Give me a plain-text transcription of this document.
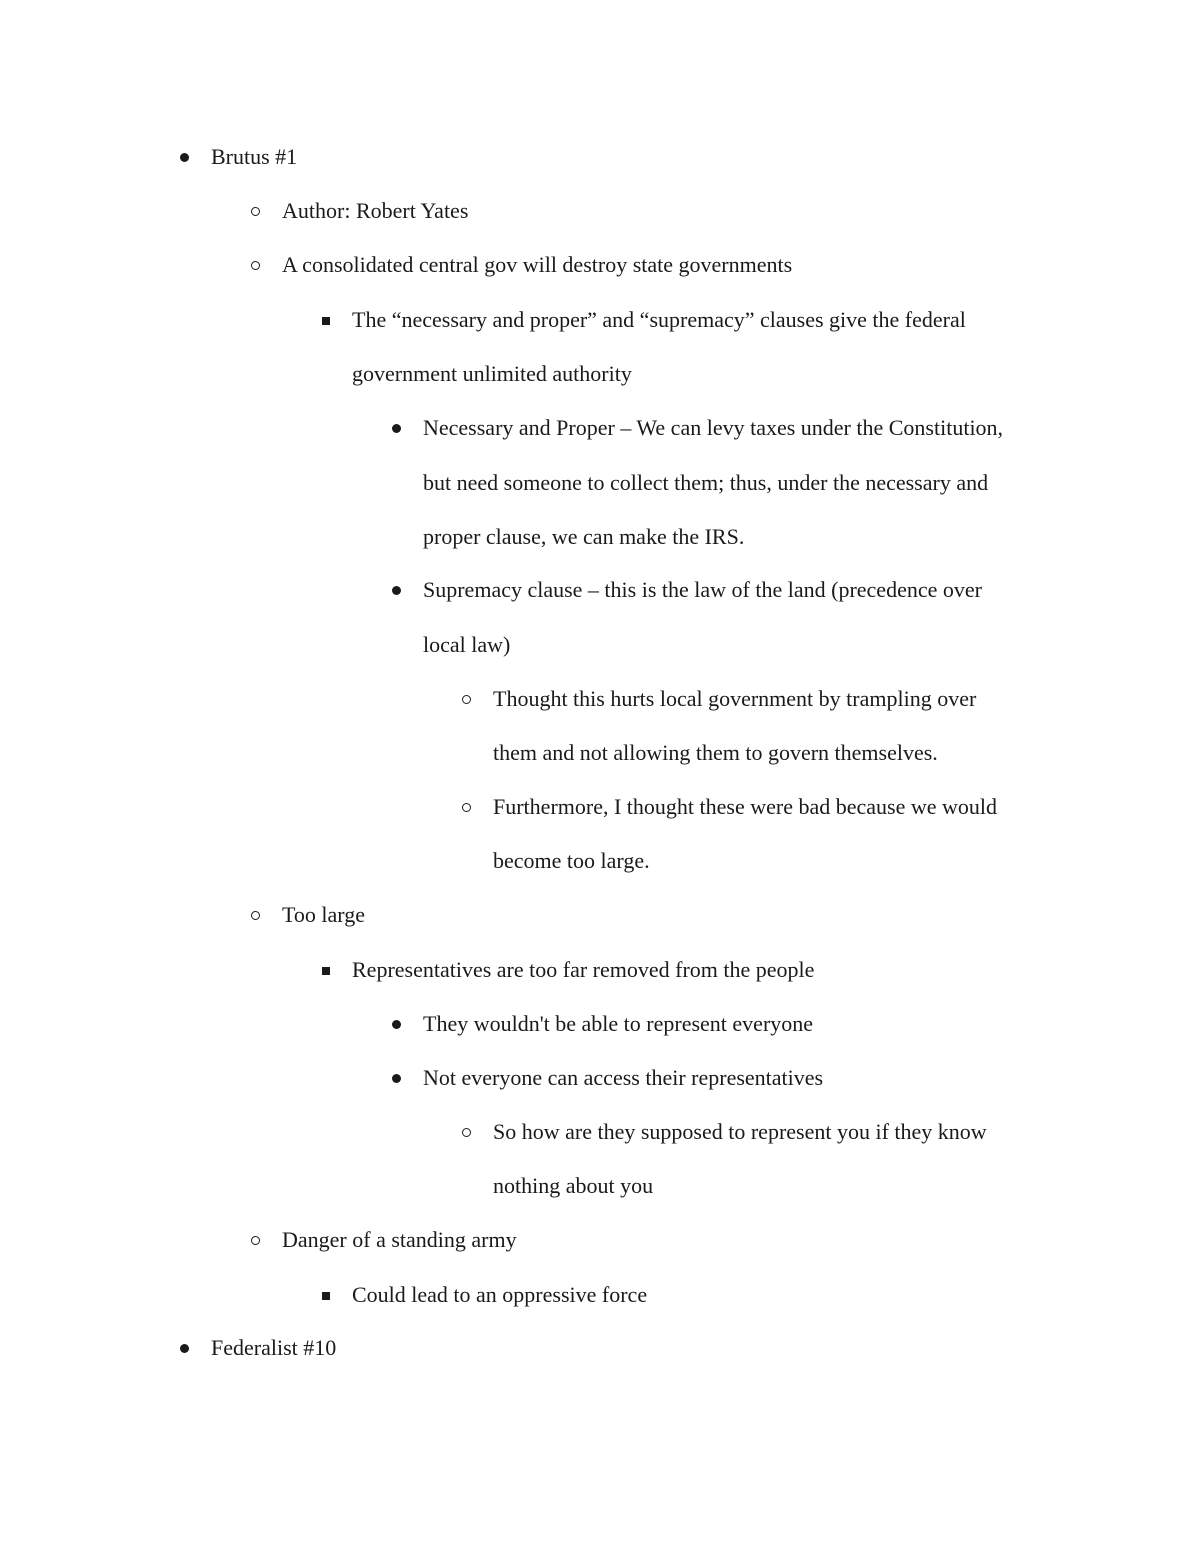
Brutus #1
Author: Robert Yates
A consolidated central gov will destroy state governments
The “necessary and proper” and “supremacy” clauses give the federal
government unlimited authority
Necessary and Proper – We can levy taxes under the Constitution,
but need someone to collect them; thus, under the necessary and
proper clause, we can make the IRS.
Supremacy clause – this is the law of the land (precedence over
local law)
Thought this hurts local government by trampling over
them and not allowing them to govern themselves.
Furthermore, I thought these were bad because we would
become too large.
Too large
Representatives are too far removed from the people
They wouldn't be able to represent everyone
Not everyone can access their representatives
So how are they supposed to represent you if they know
nothing about you
Danger of a standing army
Could lead to an oppressive force
Federalist #10
